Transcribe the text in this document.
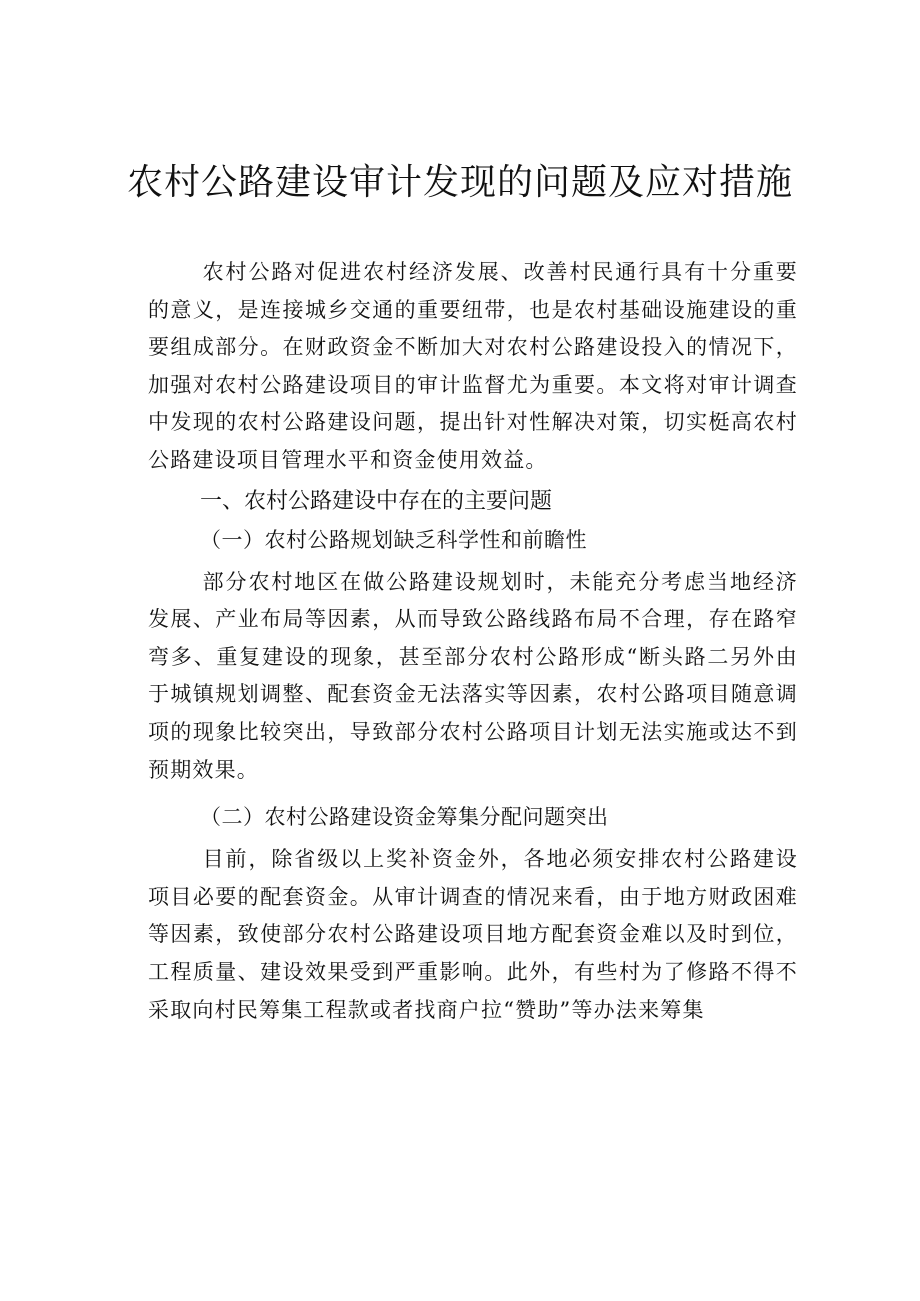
农村公路建设审计发现的问题及应对措施

农村公路对促进农村经济发展、改善村民通行具有十分重要的意义，是连接城乡交通的重要纽带，也是农村基础设施建设的重要组成部分。在财政资金不断加大对农村公路建设投入的情况下，加强对农村公路建设项目的审计监督尤为重要。本文将对审计调查中发现的农村公路建设问题，提出针对性解决对策，切实梃高农村公路建设项目管理水平和资金使用效益。

一、农村公路建设中存在的主要问题
（一）农村公路规划缺乏科学性和前瞻性

部分农村地区在做公路建设规划时，未能充分考虑当地经济发展、产业布局等因素，从而导致公路线路布局不合理，存在路窄弯多、重复建设的现象，甚至部分农村公路形成“断头路二另外由于城镇规划调整、配套资金无法落实等因素，农村公路项目随意调项的现象比较突出，导致部分农村公路项目计划无法实施或达不到预期效果。

（二）农村公路建设资金筹集分配问题突出

目前，除省级以上奖补资金外，各地必须安排农村公路建设项目必要的配套资金。从审计调查的情况来看，由于地方财政困难等因素，致使部分农村公路建设项目地方配套资金难以及时到位，工程质量、建设效果受到严重影响。此外，有些村为了修路不得不采取向村民筹集工程款或者找商户拉“赞助”等办法来筹集
